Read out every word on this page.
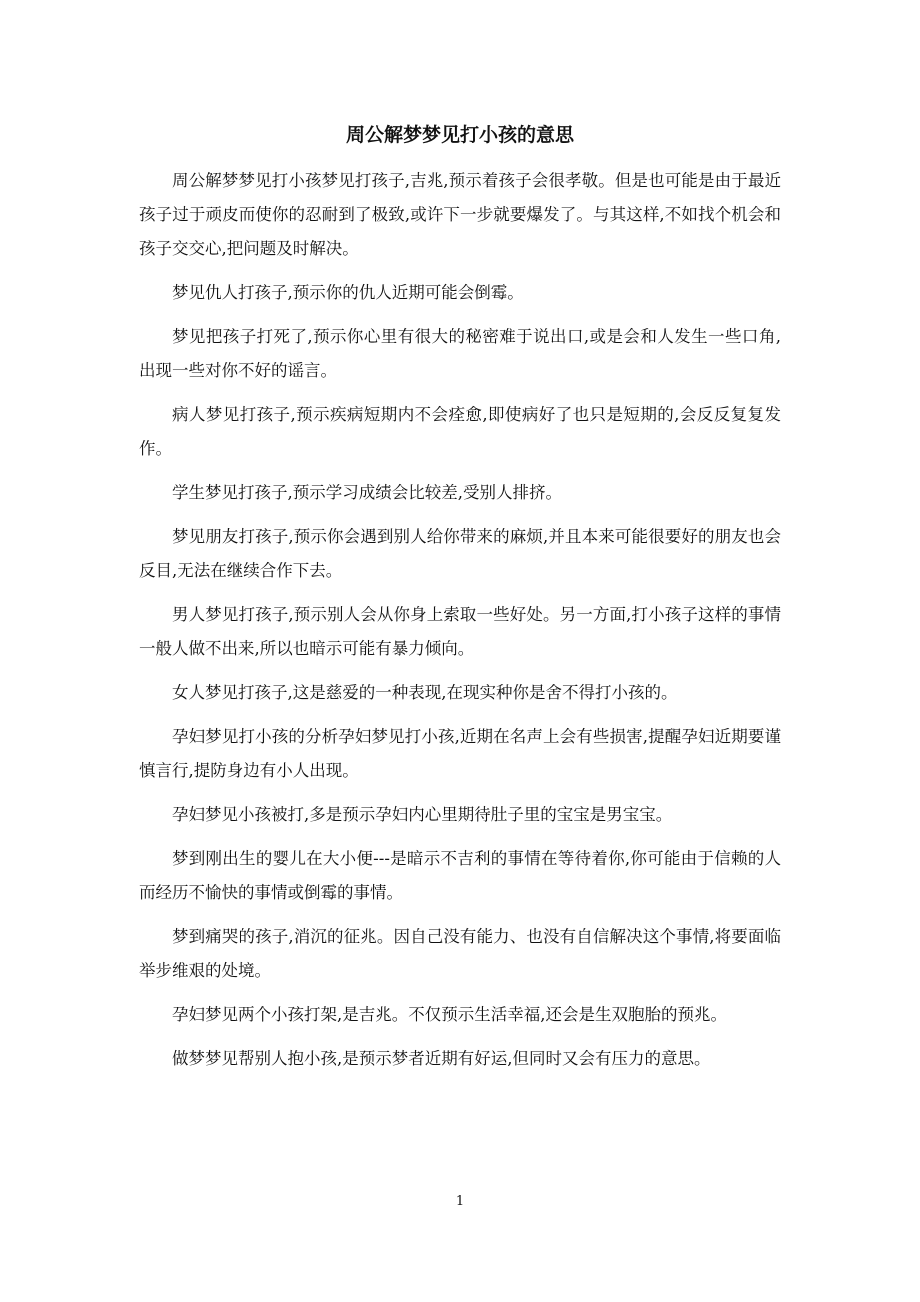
周公解梦梦见打小孩的意思

周公解梦梦见打小孩梦见打孩子,吉兆,预示着孩子会很孝敬。但是也可能是由于最近孩子过于顽皮而使你的忍耐到了极致,或许下一步就要爆发了。与其这样,不如找个机会和孩子交交心,把问题及时解决。

梦见仇人打孩子,预示你的仇人近期可能会倒霉。

梦见把孩子打死了,预示你心里有很大的秘密难于说出口,或是会和人发生一些口角,出现一些对你不好的谣言。

病人梦见打孩子,预示疾病短期内不会痊愈,即使病好了也只是短期的,会反反复复发作。

学生梦见打孩子,预示学习成绩会比较差,受别人排挤。

梦见朋友打孩子,预示你会遇到别人给你带来的麻烦,并且本来可能很要好的朋友也会反目,无法在继续合作下去。

男人梦见打孩子,预示别人会从你身上索取一些好处。另一方面,打小孩子这样的事情一般人做不出来,所以也暗示可能有暴力倾向。

女人梦见打孩子,这是慈爱的一种表现,在现实种你是舍不得打小孩的。

孕妇梦见打小孩的分析孕妇梦见打小孩,近期在名声上会有些损害,提醒孕妇近期要谨慎言行,提防身边有小人出现。

孕妇梦见小孩被打,多是预示孕妇内心里期待肚子里的宝宝是男宝宝。

梦到刚出生的婴儿在大小便---是暗示不吉利的事情在等待着你,你可能由于信赖的人而经历不愉快的事情或倒霉的事情。

梦到痛哭的孩子,消沉的征兆。因自己没有能力、也没有自信解决这个事情,将要面临举步维艰的处境。

孕妇梦见两个小孩打架,是吉兆。不仅预示生活幸福,还会是生双胞胎的预兆。

做梦梦见帮别人抱小孩,是预示梦者近期有好运,但同时又会有压力的意思。

1
